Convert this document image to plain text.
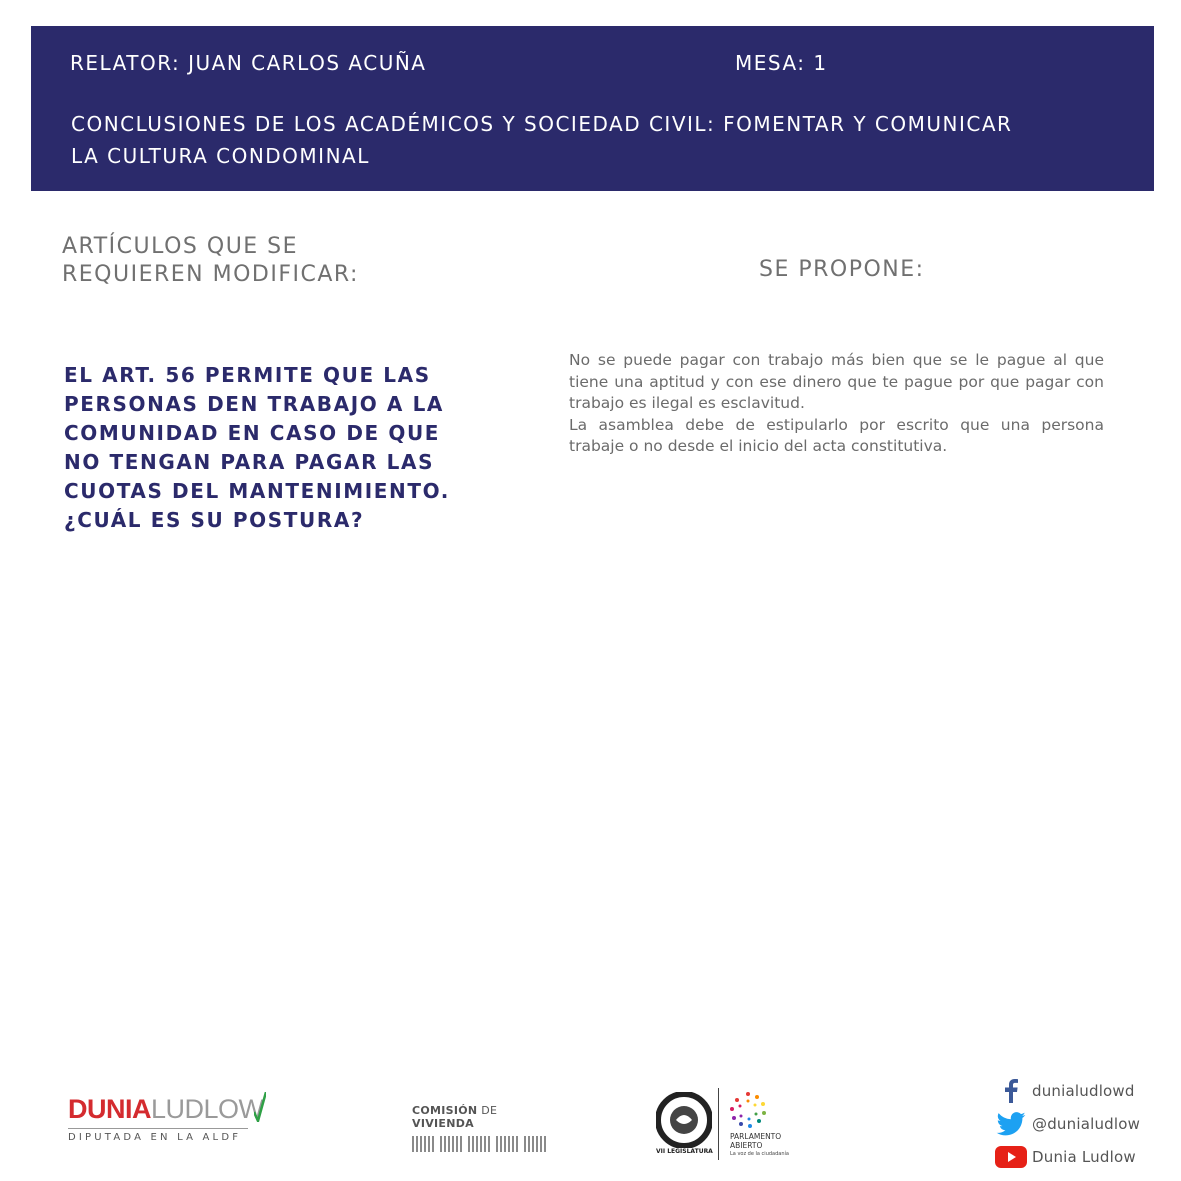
RELATOR: JUAN CARLOS ACUÑA	MESA: 1
CONCLUSIONES DE LOS ACADÉMICOS Y SOCIEDAD CIVIL: FOMENTAR Y COMUNICAR
LA CULTURA CONDOMINAL
ARTÍCULOS QUE SE
REQUIEREN MODIFICAR:	SE PROPONE:
EL ART. 56 PERMITE QUE LAS PERSONAS DEN TRABAJO A LA COMUNIDAD EN CASO DE QUE NO TENGAN PARA PAGAR LAS CUOTAS DEL MANTENIMIENTO. ¿CUÁL ES SU POSTURA?

No se puede pagar con trabajo más bien que se le pague al que tiene una aptitud y con ese dinero que te pague por que pagar con trabajo es ilegal es esclavitud.

La asamblea debe de estipularlo por escrito que una persona trabaje o no desde el inicio del acta constitutiva.

DUNIALUDLOW
DIPUTADA EN LA ALDF
COMISIÓN DE VIVIENDA
VII LEGISLATURA
PARLAMENTO
ABIERTO
La voz de la ciudadanía
dunialudlowd
@dunialudlow
Dunia Ludlow
